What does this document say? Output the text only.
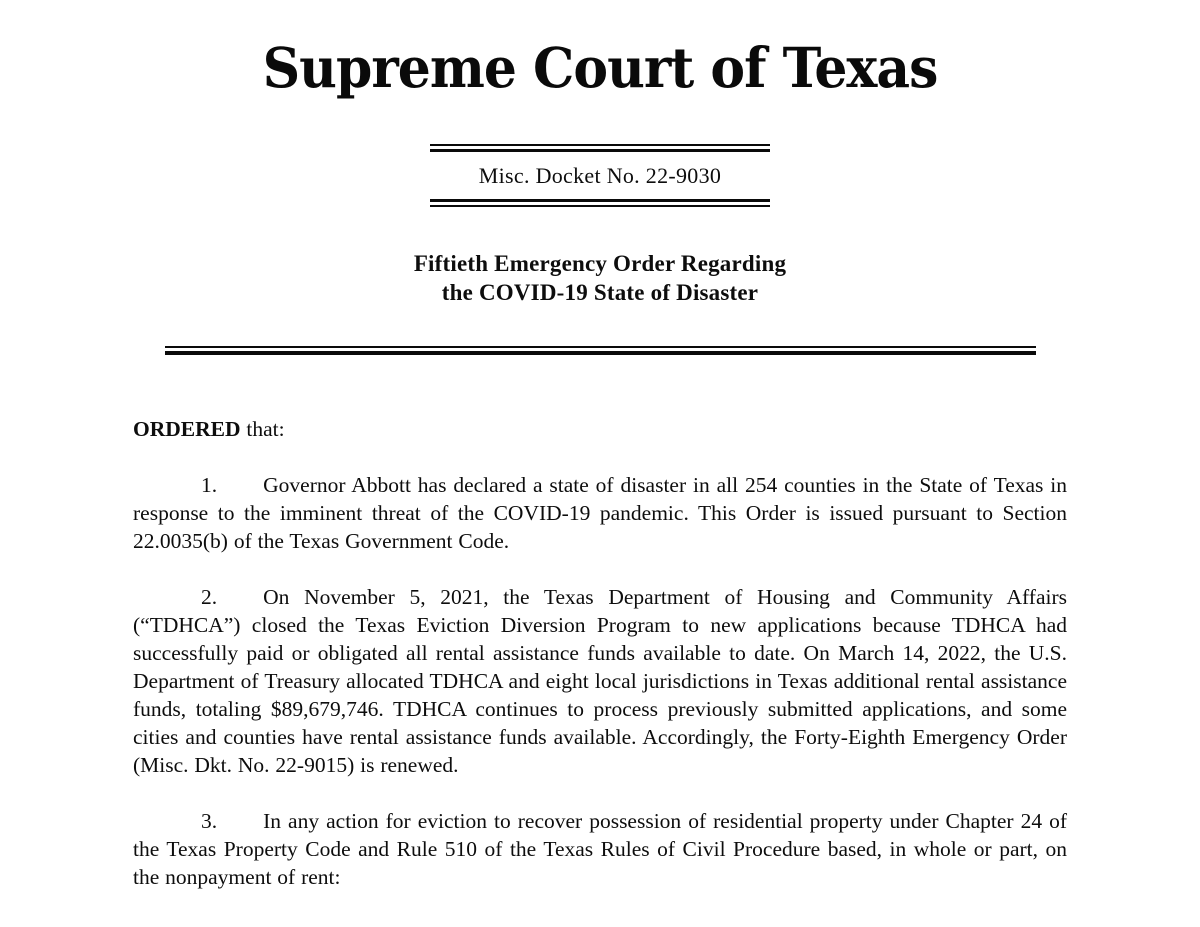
Supreme Court of Texas
Misc. Docket No. 22-9030
Fiftieth Emergency Order Regarding
the COVID-19 State of Disaster
ORDERED that:

1. Governor Abbott has declared a state of disaster in all 254 counties in the State of Texas in response to the imminent threat of the COVID-19 pandemic. This Order is issued pursuant to Section 22.0035(b) of the Texas Government Code.

2. On November 5, 2021, the Texas Department of Housing and Community Affairs (“TDHCA”) closed the Texas Eviction Diversion Program to new applications because TDHCA had successfully paid or obligated all rental assistance funds available to date. On March 14, 2022, the U.S. Department of Treasury allocated TDHCA and eight local jurisdictions in Texas additional rental assistance funds, totaling $89,679,746. TDHCA continues to process previously submitted applications, and some cities and counties have rental assistance funds available. Accordingly, the Forty-Eighth Emergency Order (Misc. Dkt. No. 22-9015) is renewed.

3. In any action for eviction to recover possession of residential property under Chapter 24 of the Texas Property Code and Rule 510 of the Texas Rules of Civil Procedure based, in whole or part, on the nonpayment of rent:
